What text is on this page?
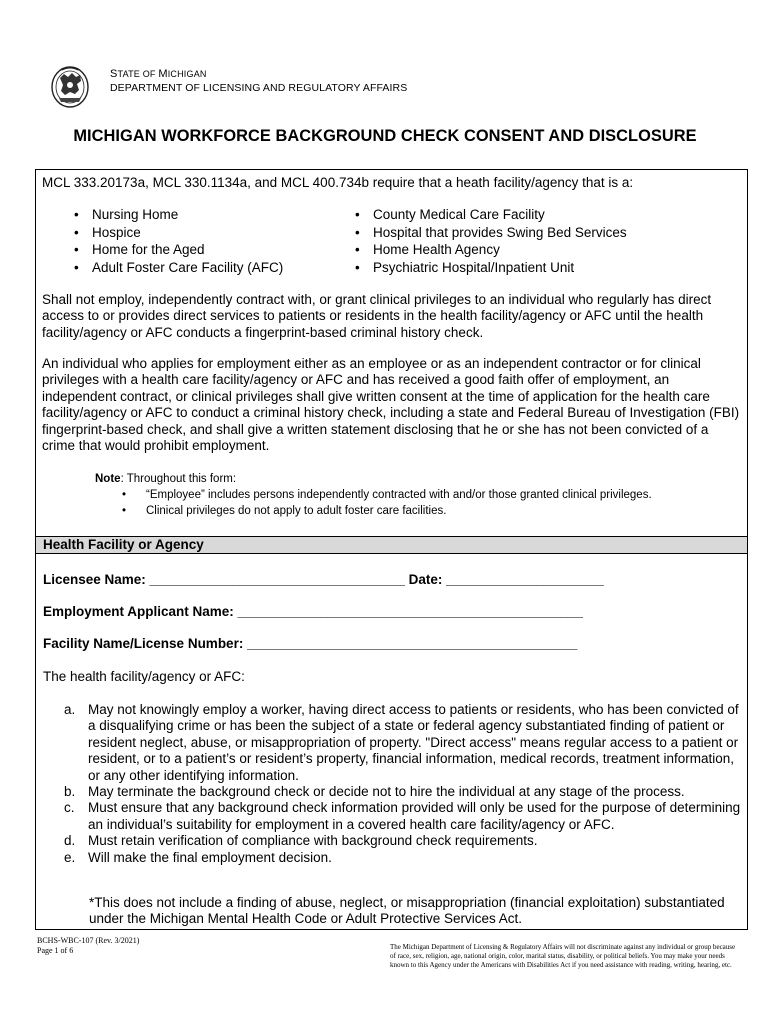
STATE OF MICHIGAN
DEPARTMENT OF LICENSING AND REGULATORY AFFAIRS
MICHIGAN WORKFORCE BACKGROUND CHECK CONSENT AND DISCLOSURE
MCL 333.20173a, MCL 330.1134a, and MCL 400.734b require that a heath facility/agency that is a:
• Nursing Home
• Hospice
• Home for the Aged
• Adult Foster Care Facility (AFC)
• County Medical Care Facility
• Hospital that provides Swing Bed Services
• Home Health Agency
• Psychiatric Hospital/Inpatient Unit
Shall not employ, independently contract with, or grant clinical privileges to an individual who regularly has direct access to or provides direct services to patients or residents in the health facility/agency or AFC until the health facility/agency or AFC conducts a fingerprint-based criminal history check.
An individual who applies for employment either as an employee or as an independent contractor or for clinical privileges with a health care facility/agency or AFC and has received a good faith offer of employment, an independent contract, or clinical privileges shall give written consent at the time of application for the health care facility/agency or AFC to conduct a criminal history check, including a state and Federal Bureau of Investigation (FBI) fingerprint-based check, and shall give a written statement disclosing that he or she has not been convicted of a crime that would prohibit employment.
Note: Throughout this form:
• “Employee” includes persons independently contracted with and/or those granted clinical privileges.
• Clinical privileges do not apply to adult foster care facilities.
Health Facility or Agency
Licensee Name: __________________________________ Date: _____________________
Employment Applicant Name: ______________________________________________
Facility Name/License Number: ____________________________________________
The health facility/agency or AFC:
a. May not knowingly employ a worker, having direct access to patients or residents, who has been convicted of a disqualifying crime or has been the subject of a state or federal agency substantiated finding of patient or resident neglect, abuse, or misappropriation of property. "Direct access" means regular access to a patient or resident, or to a patient’s or resident’s property, financial information, medical records, treatment information, or any other identifying information.
b. May terminate the background check or decide not to hire the individual at any stage of the process.
c. Must ensure that any background check information provided will only be used for the purpose of determining an individual’s suitability for employment in a covered health care facility/agency or AFC.
d. Must retain verification of compliance with background check requirements.
e. Will make the final employment decision.
*This does not include a finding of abuse, neglect, or misappropriation (financial exploitation) substantiated under the Michigan Mental Health Code or Adult Protective Services Act.
BCHS-WBC-107 (Rev. 3/2021)
Page 1 of 6	The Michigan Department of Licensing & Regulatory Affairs will not discriminate against any individual or group because of race, sex, religion, age, national origin, color, marital status, disability, or political beliefs. You may make your needs known to this Agency under the Americans with Disabilities Act if you need assistance with reading, writing, hearing, etc.
